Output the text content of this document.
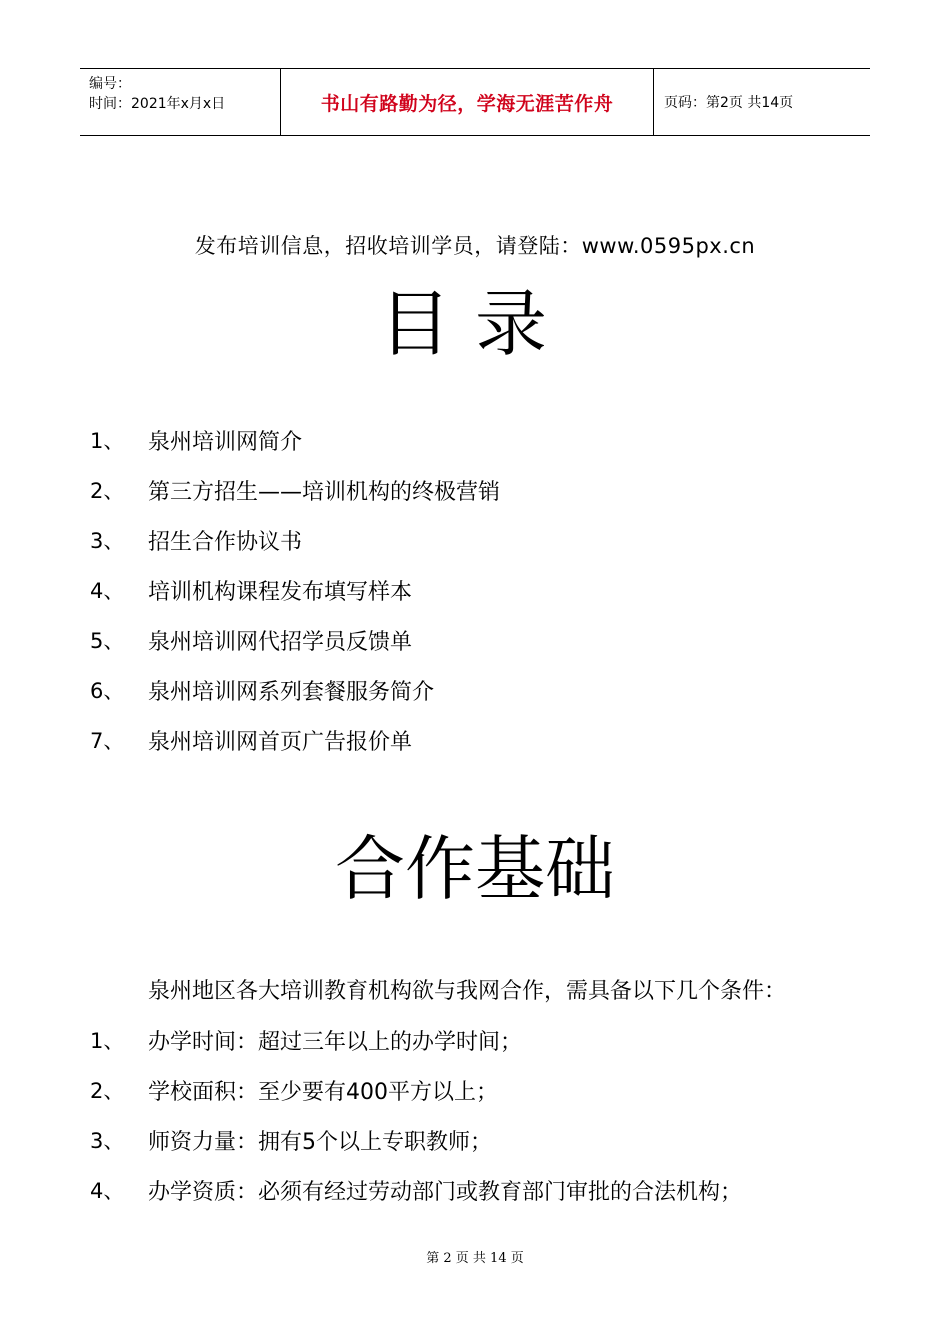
编号：
时间：2021年x月x日	书山有路勤为径，学海无涯苦作舟	页码：第2页 共14页
发布培训信息，招收培训学员，请登陆：www.0595px.cn
目录
1、	泉州培训网简介
2、	第三方招生——培训机构的终极营销
3、	招生合作协议书
4、	培训机构课程发布填写样本
5、	泉州培训网代招学员反馈单
6、	泉州培训网系列套餐服务简介
7、	泉州培训网首页广告报价单
合作基础
泉州地区各大培训教育机构欲与我网合作，需具备以下几个条件：
1、	办学时间：超过三年以上的办学时间；
2、	学校面积：至少要有400平方以上；
3、	师资力量：拥有5个以上专职教师；
4、	办学资质：必须有经过劳动部门或教育部门审批的合法机构；
第 2 页 共 14 页
